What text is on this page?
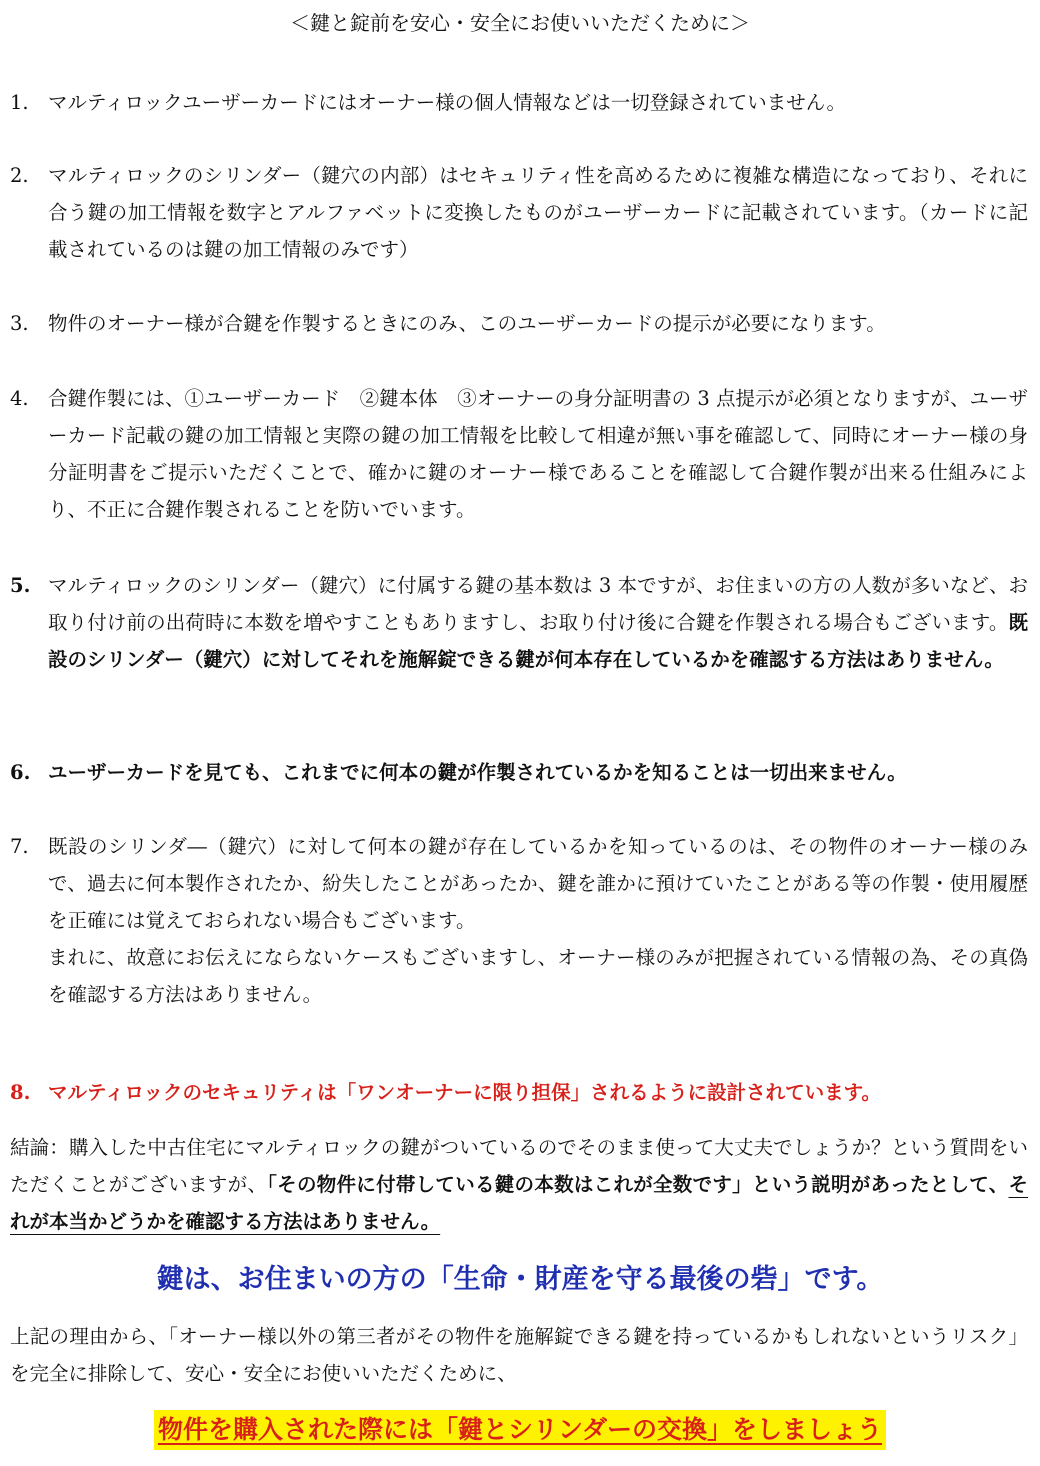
＜鍵と錠前を安心・安全にお使いいただくために＞
1. マルティロックユーザーカードにはオーナー様の個人情報などは一切登録されていません。
2. マルティロックのシリンダー（鍵穴の内部）はセキュリティ性を高めるために複雑な構造になっており、それに合う鍵の加工情報を数字とアルファベットに変換したものがユーザーカードに記載されています。（カードに記載されているのは鍵の加工情報のみです）
3. 物件のオーナー様が合鍵を作製するときにのみ、このユーザーカードの提示が必要になります。
4. 合鍵作製には、①ユーザーカード　②鍵本体　③オーナーの身分証明書の 3 点提示が必須となりますが、ユーザーカード記載の鍵の加工情報と実際の鍵の加工情報を比較して相違が無い事を確認して、同時にオーナー様の身分証明書をご提示いただくことで、確かに鍵のオーナー様であることを確認して合鍵作製が出来る仕組みにより、不正に合鍵作製されることを防いでいます。
5. マルティロックのシリンダー（鍵穴）に付属する鍵の基本数は 3 本ですが、お住まいの方の人数が多いなど、お取り付け前の出荷時に本数を増やすこともありますし、お取り付け後に合鍵を作製される場合もございます。既設のシリンダー（鍵穴）に対してそれを施解錠できる鍵が何本存在しているかを確認する方法はありません。
6. ユーザーカードを見ても、これまでに何本の鍵が作製されているかを知ることは一切出来ません。
7. 既設のシリンダ―（鍵穴）に対して何本の鍵が存在しているかを知っているのは、その物件のオーナー様のみで、過去に何本製作されたか、紛失したことがあったか、鍵を誰かに預けていたことがある等の作製・使用履歴を正確には覚えておられない場合もございます。
まれに、故意にお伝えにならないケースもございますし、オーナー様のみが把握されている情報の為、その真偽を確認する方法はありません。
8. マルティロックのセキュリティは「ワンオーナーに限り担保」されるように設計されています。
結論：購入した中古住宅にマルティロックの鍵がついているのでそのまま使って大丈夫でしょうか？という質問をいただくことがございますが、「その物件に付帯している鍵の本数はこれが全数です」という説明があったとして、それが本当かどうかを確認する方法はありません。
鍵は、お住まいの方の「生命・財産を守る最後の砦」です。
上記の理由から、「オーナー様以外の第三者がその物件を施解錠できる鍵を持っているかもしれないというリスク」を完全に排除して、安心・安全にお使いいただくために、
物件を購入された際には「鍵とシリンダーの交換」をしましょう
